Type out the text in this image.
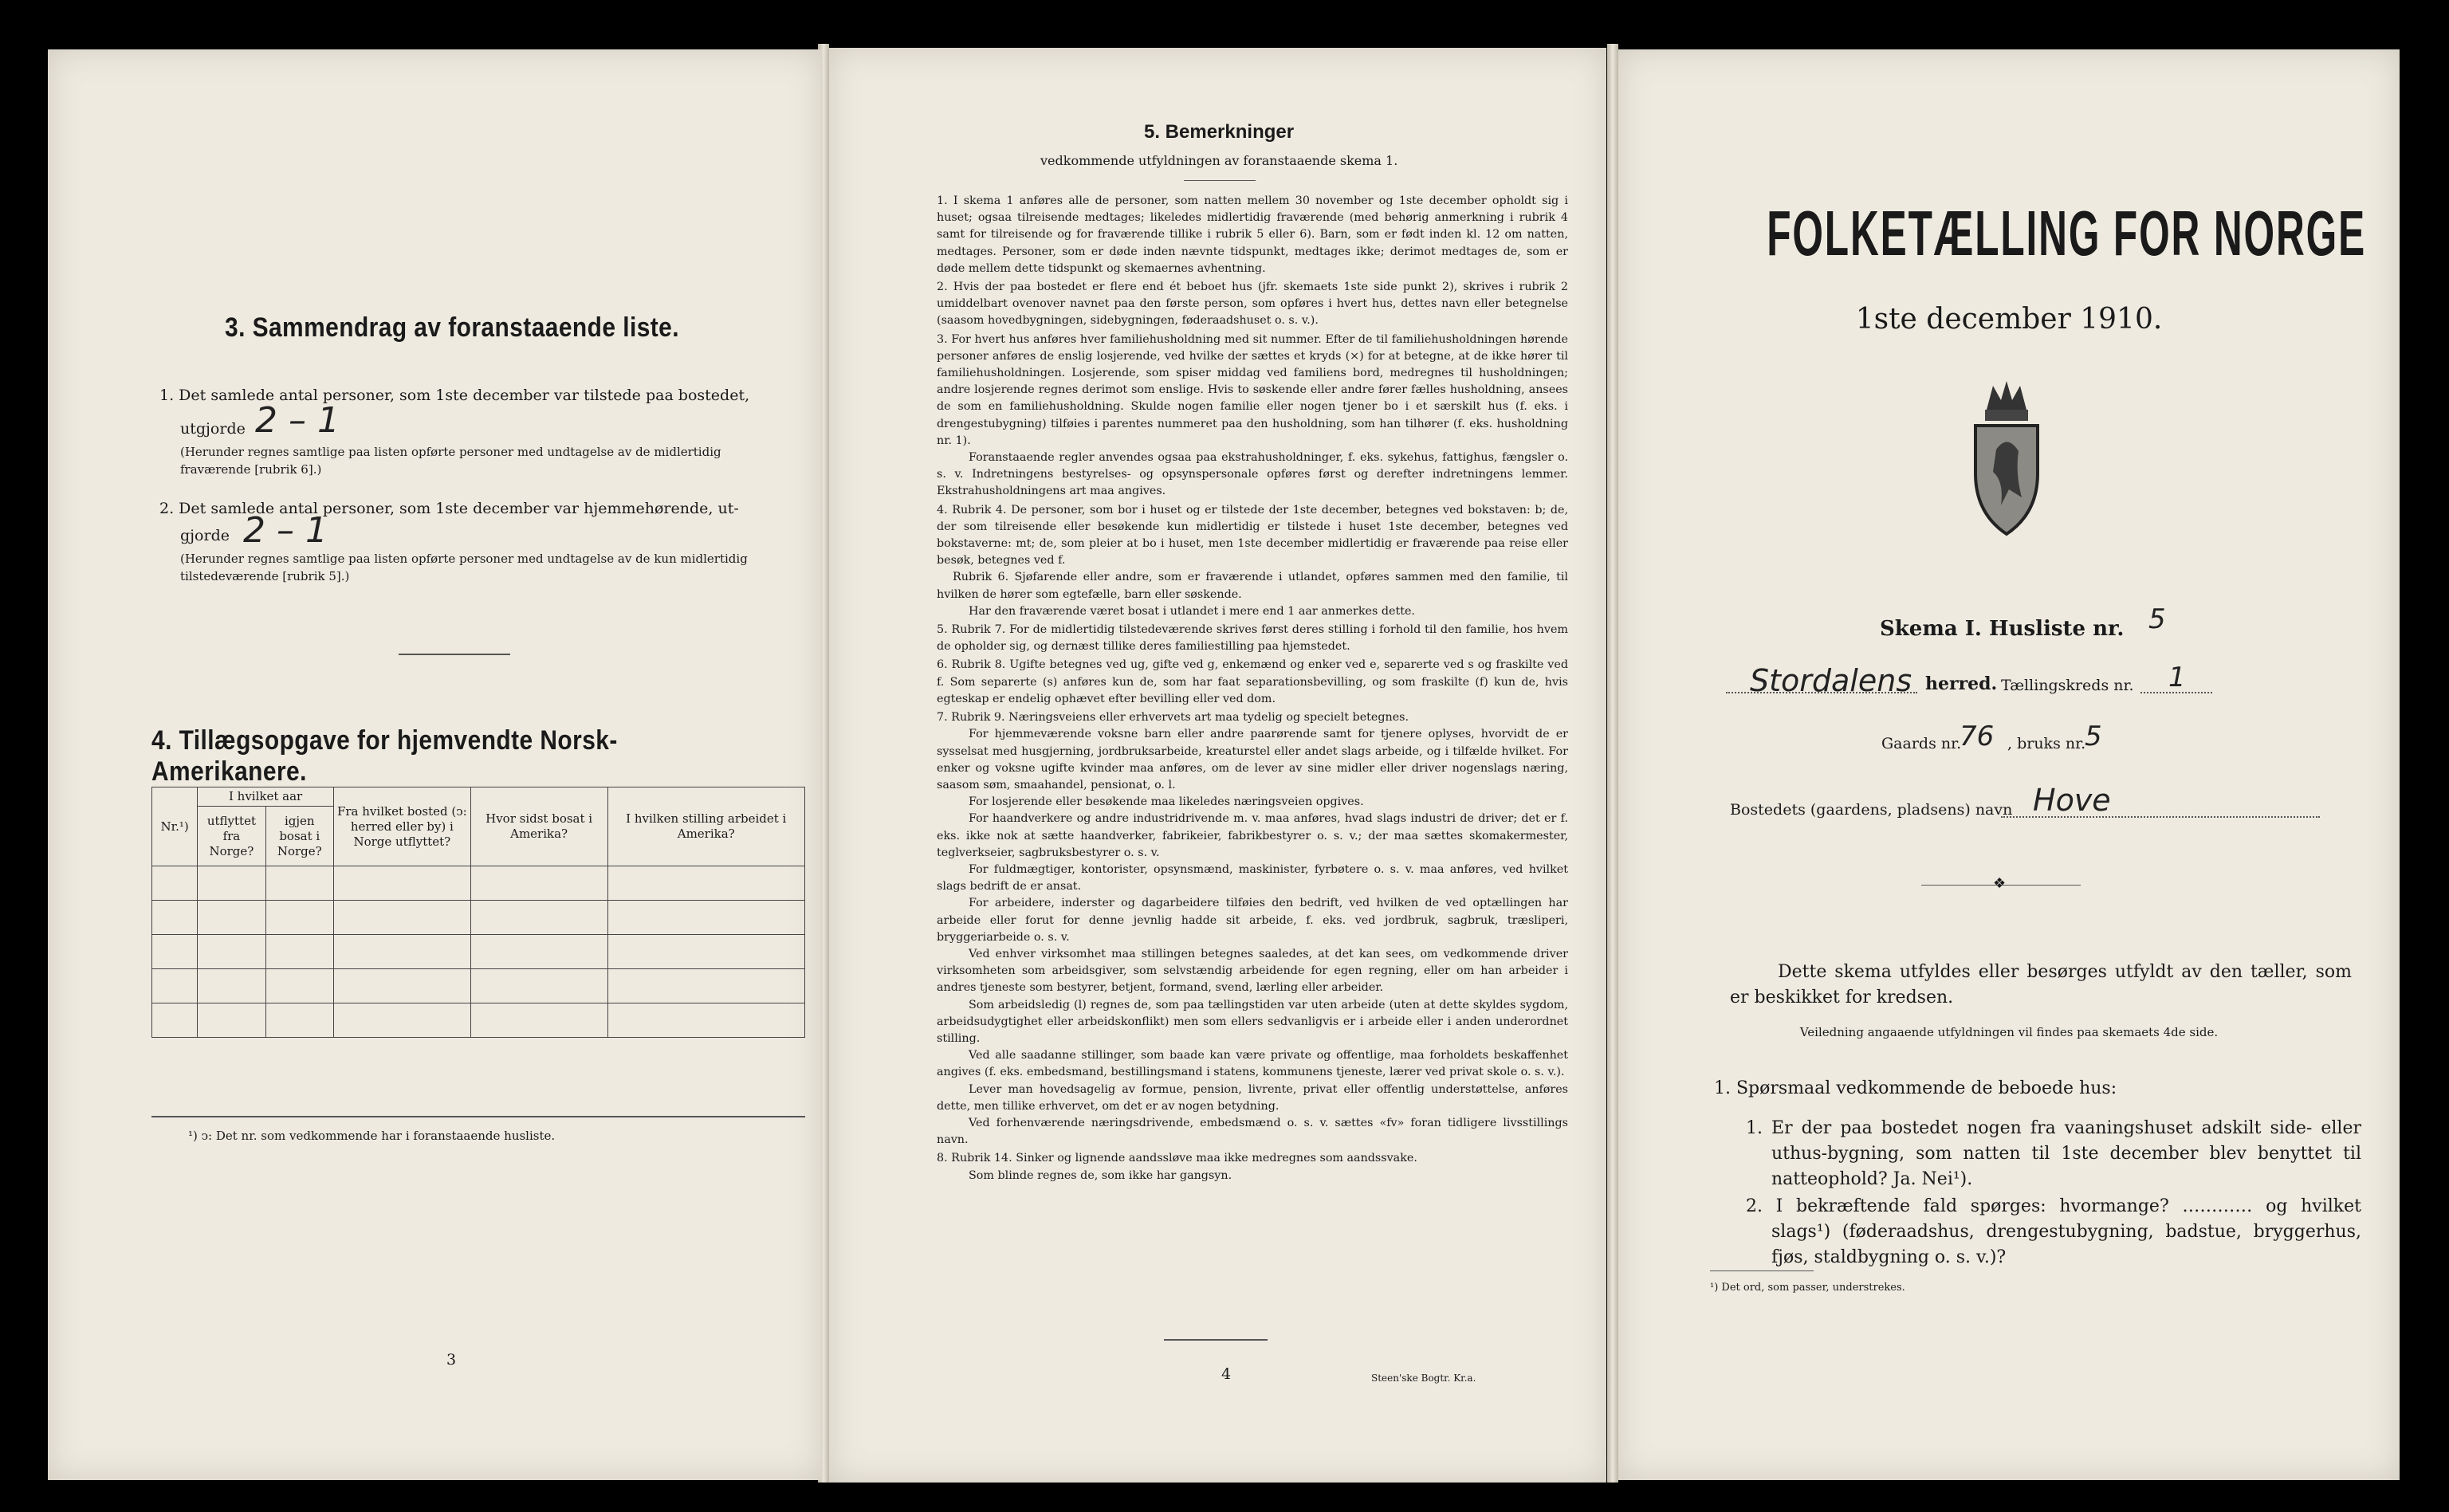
3. Sammendrag av foranstaaende liste.
1. Det samlede antal personer, som 1ste december var tilstede paa bostedet,
utgjorde 2 – 1
(Herunder regnes samtlige paa listen opførte personer med undtagelse av de midlertidig fraværende [rubrik 6].)
2. Det samlede antal personer, som 1ste december var hjemmehørende, ut-
gjorde 2 – 1
(Herunder regnes samtlige paa listen opførte personer med undtagelse av de kun midlertidig tilstedeværende [rubrik 5].)
4. Tillægsopgave for hjemvendte Norsk-Amerikanere.
Nr.¹)	I hvilket aar		Fra hvilket bosted (ↄ: herred eller by) i Norge utflyttet?	Hvor sidst bosat i Amerika?	I hvilken stilling arbeidet i Amerika?
	utflyttet fra Norge?	igjen bosat i Norge?			

¹) ↄ: Det nr. som vedkommende har i foranstaaende husliste.
3
5. Bemerkninger
vedkommende utfyldningen av foranstaaende skema 1.

1. I skema 1 anføres alle de personer, som natten mellem 30 november og 1ste december opholdt sig i huset; ogsaa tilreisende medtages; likeledes midlertidig fraværende (med behørig anmerkning i rubrik 4 samt for tilreisende og for fraværende tillike i rubrik 5 eller 6). Barn, som er født inden kl. 12 om natten, medtages. Personer, som er døde inden nævnte tidspunkt, medtages ikke; derimot medtages de, som er døde mellem dette tidspunkt og skemaernes avhentning.

2. Hvis der paa bostedet er flere end ét beboet hus (jfr. skemaets 1ste side punkt 2), skrives i rubrik 2 umiddelbart ovenover navnet paa den første person, som opføres i hvert hus, dettes navn eller betegnelse (saasom hovedbygningen, sidebygningen, føderaadshuset o. s. v.).

3. For hvert hus anføres hver familiehusholdning med sit nummer. Efter de til familiehusholdningen hørende personer anføres de enslig losjerende, ved hvilke der sættes et kryds (×) for at betegne, at de ikke hører til familiehusholdningen. Losjerende, som spiser middag ved familiens bord, medregnes til husholdningen; andre losjerende regnes derimot som enslige. Hvis to søskende eller andre fører fælles husholdning, ansees de som en familiehusholdning. Skulde nogen familie eller nogen tjener bo i et særskilt hus (f. eks. i drengestubygning) tilføies i parentes nummeret paa den husholdning, som han tilhører (f. eks. husholdning nr. 1).

Foranstaaende regler anvendes ogsaa paa ekstrahusholdninger, f. eks. sykehus, fattighus, fængsler o. s. v. Indretningens bestyrelses- og opsynspersonale opføres først og derefter indretningens lemmer. Ekstrahusholdningens art maa angives.

4. Rubrik 4. De personer, som bor i huset og er tilstede der 1ste december, betegnes ved bokstaven: b; de, der som tilreisende eller besøkende kun midlertidig er tilstede i huset 1ste december, betegnes ved bokstaverne: mt; de, som pleier at bo i huset, men 1ste december midlertidig er fraværende paa reise eller besøk, betegnes ved f.

Rubrik 6. Sjøfarende eller andre, som er fraværende i utlandet, opføres sammen med den familie, til hvilken de hører som egtefælle, barn eller søskende.

Har den fraværende været bosat i utlandet i mere end 1 aar anmerkes dette.

5. Rubrik 7. For de midlertidig tilstedeværende skrives først deres stilling i forhold til den familie, hos hvem de opholder sig, og dernæst tillike deres familiestilling paa hjemstedet.

6. Rubrik 8. Ugifte betegnes ved ug, gifte ved g, enkemænd og enker ved e, separerte ved s og fraskilte ved f. Som separerte (s) anføres kun de, som har faat separationsbevilling, og som fraskilte (f) kun de, hvis egteskap er endelig ophævet efter bevilling eller ved dom.

7. Rubrik 9. Næringsveiens eller erhvervets art maa tydelig og specielt betegnes.

For hjemmeværende voksne barn eller andre paarørende samt for tjenere oplyses, hvorvidt de er sysselsat med husgjerning, jordbruksarbeide, kreaturstel eller andet slags arbeide, og i tilfælde hvilket. For enker og voksne ugifte kvinder maa anføres, om de lever av sine midler eller driver nogenslags næring, saasom søm, smaahandel, pensionat, o. l.

For losjerende eller besøkende maa likeledes næringsveien opgives.

For haandverkere og andre industridrivende m. v. maa anføres, hvad slags industri de driver; det er f. eks. ikke nok at sætte haandverker, fabrikeier, fabrikbestyrer o. s. v.; der maa sættes skomakermester, teglverkseier, sagbruksbestyrer o. s. v.

For fuldmægtiger, kontorister, opsynsmænd, maskinister, fyrbøtere o. s. v. maa anføres, ved hvilket slags bedrift de er ansat.

For arbeidere, inderster og dagarbeidere tilføies den bedrift, ved hvilken de ved optællingen har arbeide eller forut for denne jevnlig hadde sit arbeide, f. eks. ved jordbruk, sagbruk, træsliperi, bryggeriarbeide o. s. v.

Ved enhver virksomhet maa stillingen betegnes saaledes, at det kan sees, om vedkommende driver virksomheten som arbeidsgiver, som selvstændig arbeidende for egen regning, eller om han arbeider i andres tjeneste som bestyrer, betjent, formand, svend, lærling eller arbeider.

Som arbeidsledig (l) regnes de, som paa tællingstiden var uten arbeide (uten at dette skyldes sygdom, arbeidsudygtighet eller arbeidskonflikt) men som ellers sedvanligvis er i arbeide eller i anden underordnet stilling.

Ved alle saadanne stillinger, som baade kan være private og offentlige, maa forholdets beskaffenhet angives (f. eks. embedsmand, bestillingsmand i statens, kommunens tjeneste, lærer ved privat skole o. s. v.).

Lever man hovedsagelig av formue, pension, livrente, privat eller offentlig understøttelse, anføres dette, men tillike erhvervet, om det er av nogen betydning.

Ved forhenværende næringsdrivende, embedsmænd o. s. v. sættes «fv» foran tidligere livsstillings navn.

8. Rubrik 14. Sinker og lignende aandssløve maa ikke medregnes som aandssvake.

Som blinde regnes de, som ikke har gangsyn.

4	Steen'ske Bogtr. Kr.a.
FOLKETÆLLING FOR NORGE
1ste december 1910.
Skema I. Husliste nr. 5
Stordalens herred. Tællingskreds nr. 1
Gaards nr.
76 , bruks nr.
5
Bostedets (gaardens, pladsens) navn Hove
❖
Dette skema utfyldes eller besørges utfyldt av den tæller, som er beskikket for kredsen.
Veiledning angaaende utfyldningen vil findes paa skemaets 4de side.
1. Spørsmaal vedkommende de beboede hus:
1. Er der paa bostedet nogen fra vaaningshuset adskilt side- eller uthus-bygning, som natten til 1ste december blev benyttet til natteophold? Ja. Nei¹).
2. I bekræftende fald spørges: hvormange? ………… og hvilket slags¹) (føderaadshus, drengestubygning, badstue, bryggerhus, fjøs, staldbygning o. s. v.)?
¹) Det ord, som passer, understrekes.
